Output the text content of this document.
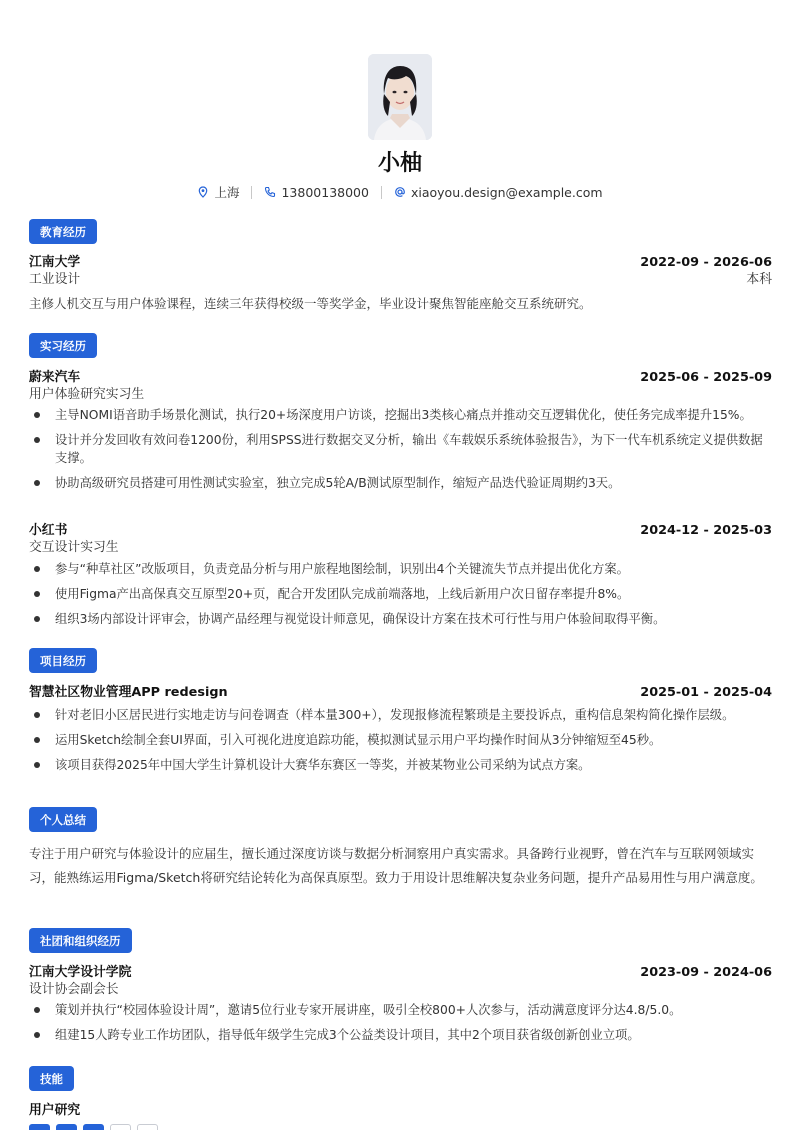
小柚
上海	13800138000	xiaoyou.design@example.com
教育经历
江南大学	2022-09 - 2026-06
工业设计	本科
主修人机交互与用户体验课程，连续三年获得校级一等奖学金，毕业设计聚焦智能座舱交互系统研究。
实习经历
蔚来汽车	2025-06 - 2025-09
用户体验研究实习生
主导NOMI语音助手场景化测试，执行20+场深度用户访谈，挖掘出3类核心痛点并推动交互逻辑优化，使任务完成率提升15%。
设计并分发回收有效问卷1200份，利用SPSS进行数据交叉分析，输出《车载娱乐系统体验报告》，为下一代车机系统定义提供数据支撑。
协助高级研究员搭建可用性测试实验室，独立完成5轮A/B测试原型制作，缩短产品迭代验证周期约3天。
小红书	2024-12 - 2025-03
交互设计实习生
参与“种草社区”改版项目，负责竞品分析与用户旅程地图绘制，识别出4个关键流失节点并提出优化方案。
使用Figma产出高保真交互原型20+页，配合开发团队完成前端落地，上线后新用户次日留存率提升8%。
组织3场内部设计评审会，协调产品经理与视觉设计师意见，确保设计方案在技术可行性与用户体验间取得平衡。
项目经历
智慧社区物业管理APP redesign	2025-01 - 2025-04
针对老旧小区居民进行实地走访与问卷调查（样本量300+），发现报修流程繁琐是主要投诉点，重构信息架构简化操作层级。
运用Sketch绘制全套UI界面，引入可视化进度追踪功能，模拟测试显示用户平均操作时间从3分钟缩短至45秒。
该项目获得2025年中国大学生计算机设计大赛华东赛区一等奖，并被某物业公司采纳为试点方案。
个人总结
专注于用户研究与体验设计的应届生，擅长通过深度访谈与数据分析洞察用户真实需求。具备跨行业视野，曾在汽车与互联网领域实习，能熟练运用Figma/Sketch将研究结论转化为高保真原型。致力于用设计思维解决复杂业务问题，提升产品易用性与用户满意度。
社团和组织经历
江南大学设计学院	2023-09 - 2024-06
设计协会副会长
策划并执行“校园体验设计周”，邀请5位行业专家开展讲座，吸引全校800+人次参与，活动满意度评分达4.8/5.0。
组建15人跨专业工作坊团队，指导低年级学生完成3个公益类设计项目，其中2个项目获省级创新创业立项。
技能
用户研究
